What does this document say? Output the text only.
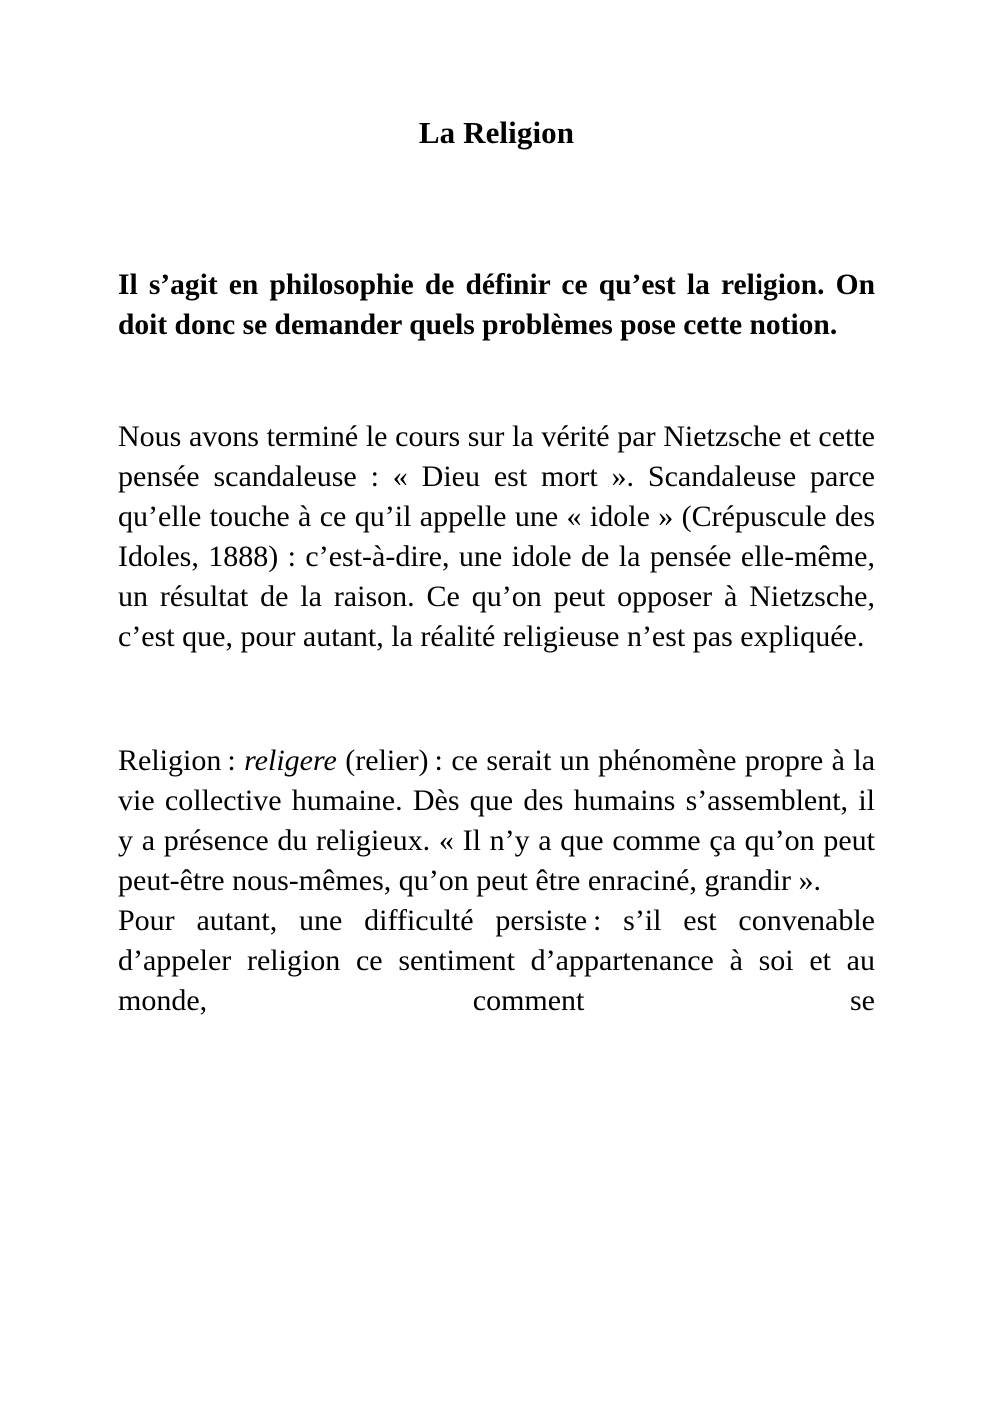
La Religion

Il s’agit en philosophie de définir ce qu’est la religion. On doit donc se demander quels problèmes pose cette notion.

Nous avons terminé le cours sur la vérité par Nietzsche et cette pensée scandaleuse : « Dieu est mort ». Scandaleuse parce qu’elle touche à ce qu’il appelle une « idole » (Crépuscule des Idoles, 1888) : c’est-à-dire, une idole de la pensée elle-même, un résultat de la raison. Ce qu’on peut opposer à Nietzsche, c’est que, pour autant, la réalité religieuse n’est pas expliquée.

Religion : religere (relier) : ce serait un phénomène propre à la vie collective humaine. Dès que des humains s’assemblent, il y a présence du religieux. « Il n’y a que comme ça qu’on peut peut-être nous-mêmes, qu’on peut être enraciné, grandir ».

Pour autant, une difficulté persiste : s’il est convenable d’appeler religion ce sentiment d’appartenance à soi et au monde, comment se
